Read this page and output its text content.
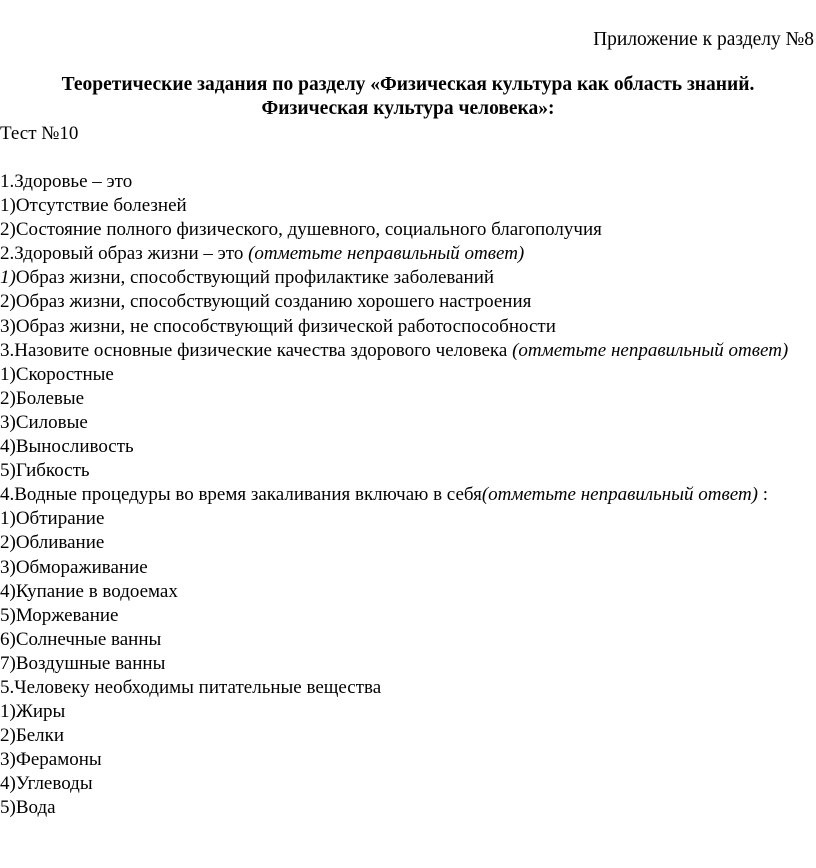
Приложение к разделу №8
Теоретические задания по разделу «Физическая культура как область знаний.
Физическая культура человека»:
Тест №10
1.Здоровье – это
1)Отсутствие болезней
2)Состояние полного физического, душевного, социального благополучия
2.Здоровый образ жизни – это (отметьте неправильный ответ)
1)Образ жизни, способствующий профилактике заболеваний
2)Образ жизни, способствующий созданию хорошего настроения
3)Образ жизни, не способствующий физической работоспособности
3.Назовите основные физические качества здорового человека (отметьте неправильный ответ)
1)Скоростные
2)Болевые
3)Силовые
4)Выносливость
5)Гибкость
4.Водные процедуры во время закаливания включаю в себя(отметьте неправильный ответ) :
1)Обтирание
2)Обливание
3)Обмораживание
4)Купание в водоемах
5)Моржевание
6)Солнечные ванны
7)Воздушные ванны
5.Человеку необходимы питательные вещества
1)Жиры
2)Белки
3)Ферамоны
4)Углеводы
5)Вода
